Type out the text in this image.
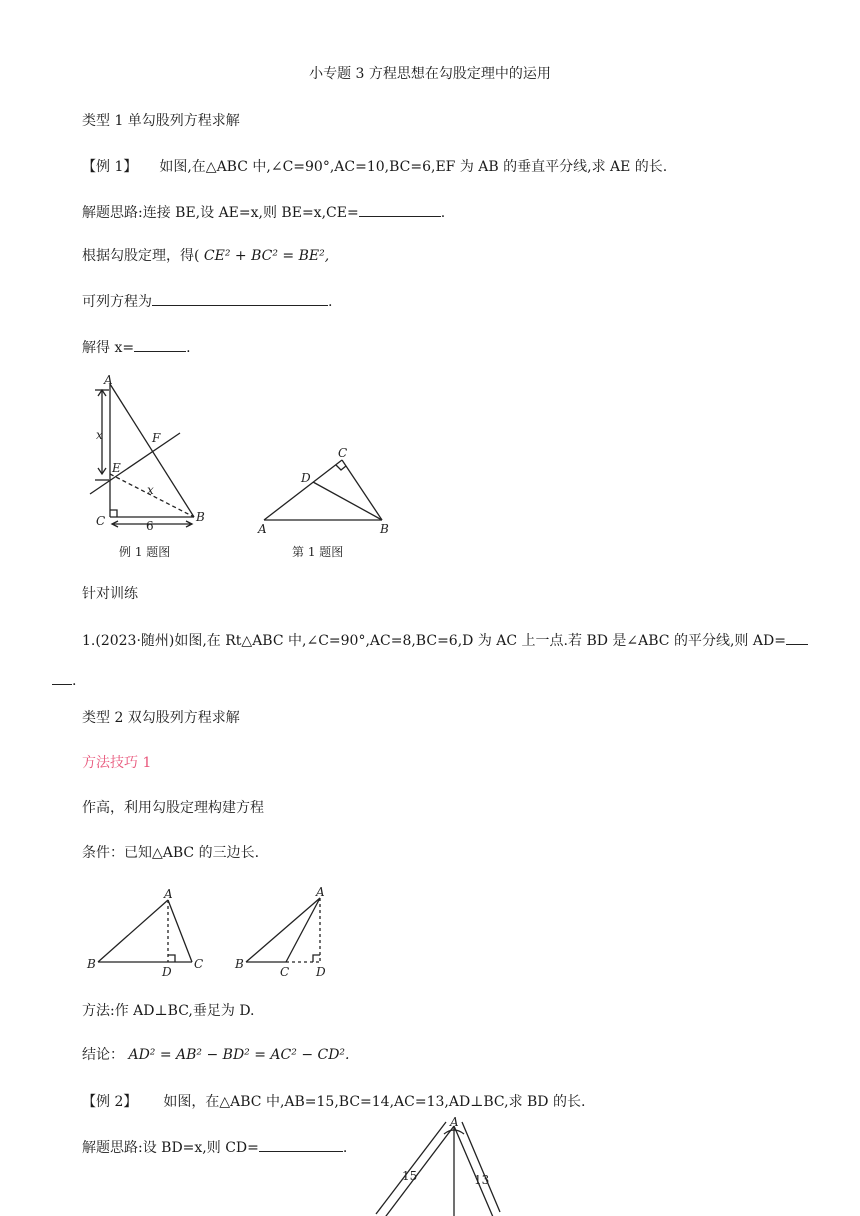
小专题 3 方程思想在勾股定理中的运用
类型 1 单勾股列方程求解
【例 1】 如图,在△ABC 中,∠C=90°,AC=10,BC=6,EF 为 AB 的垂直平分线,求 AE 的长.
解题思路:连接 BE,设 AE=x,则 BE=x,CE=	.
根据勾股定理，得( CE² + BC² = BE²,
可列方程为	.
解得 x=	.
A
F
E
C	B
x
x
6
例 1 题图
A	B
C
D
第 1 题图
针对训练
1.(2023·随州)如图,在 Rt△ABC 中,∠C=90°,AC=8,BC=6,D 为 AC 上一点.若 BD 是∠ABC 的平分线,则 AD=
.
类型 2 双勾股列方程求解
方法技巧 1
作高，利用勾股定理构建方程
条件：已知△ABC 的三边长.
A
B	C
D
A
B
C D
方法:作 AD⊥BC,垂足为 D.
结论： AD² = AB² − BD² = AC² − CD².
【例 2】 如图，在△ABC 中,AB=15,BC=14,AC=13,AD⊥BC,求 BD 的长.
解题思路:设 BD=x,则 CD=	.
A
15	13
